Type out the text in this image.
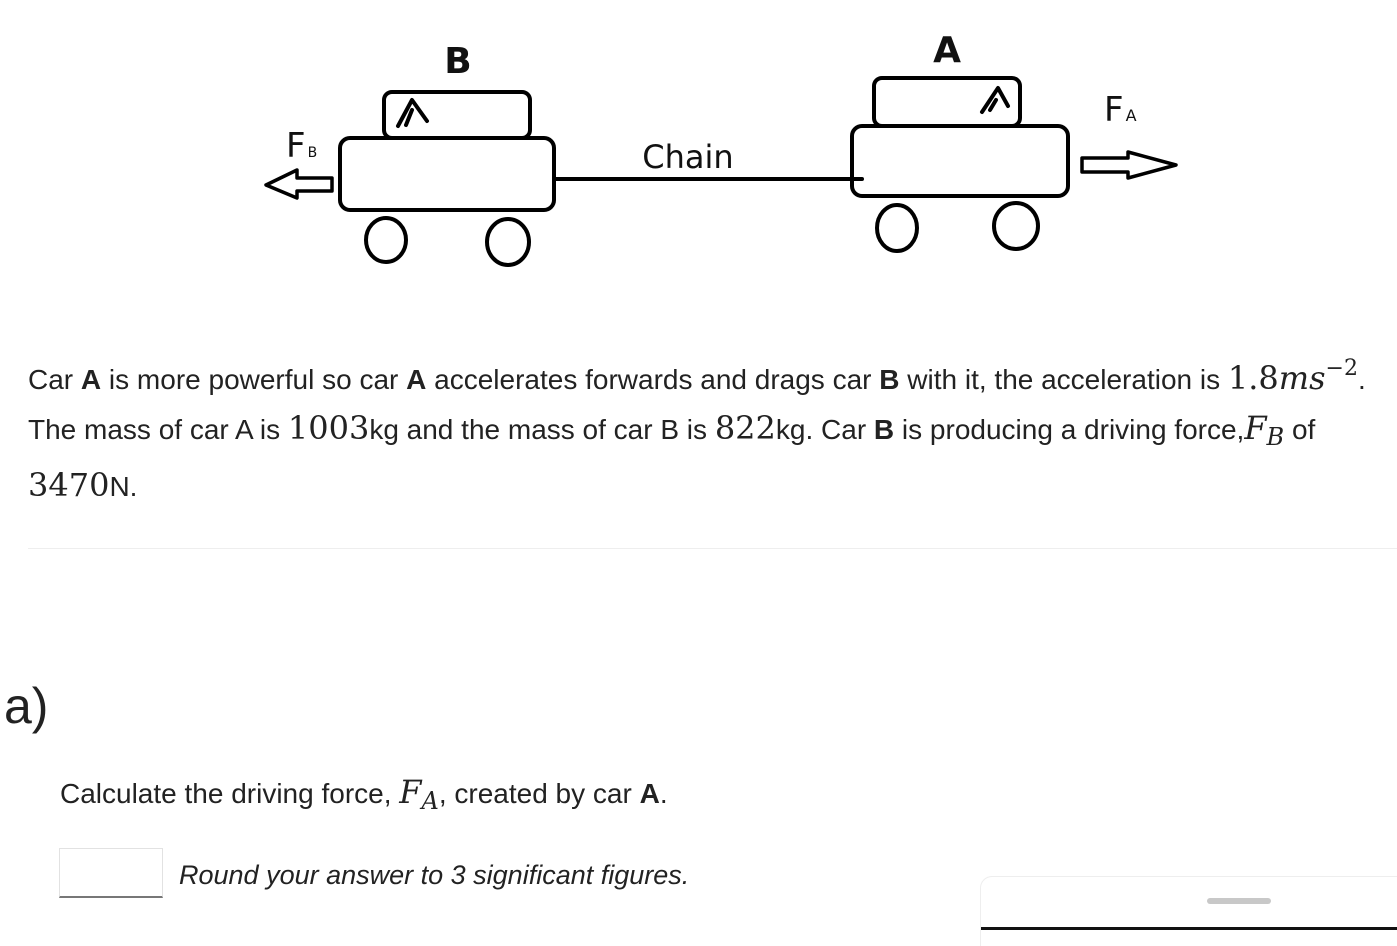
B	A
Chain
F B
F A
Car A is more powerful so car A accelerates forwards and drags car B with it, the acceleration is $1.8ms^{-2}$. The mass of car A is 1003kg and the mass of car B is 822kg. Car B is producing a driving $force,F_B$ of 3470N.
a)
Calculate the driving force, $F_A$, created by car A.
Round your answer to 3 significant figures.
